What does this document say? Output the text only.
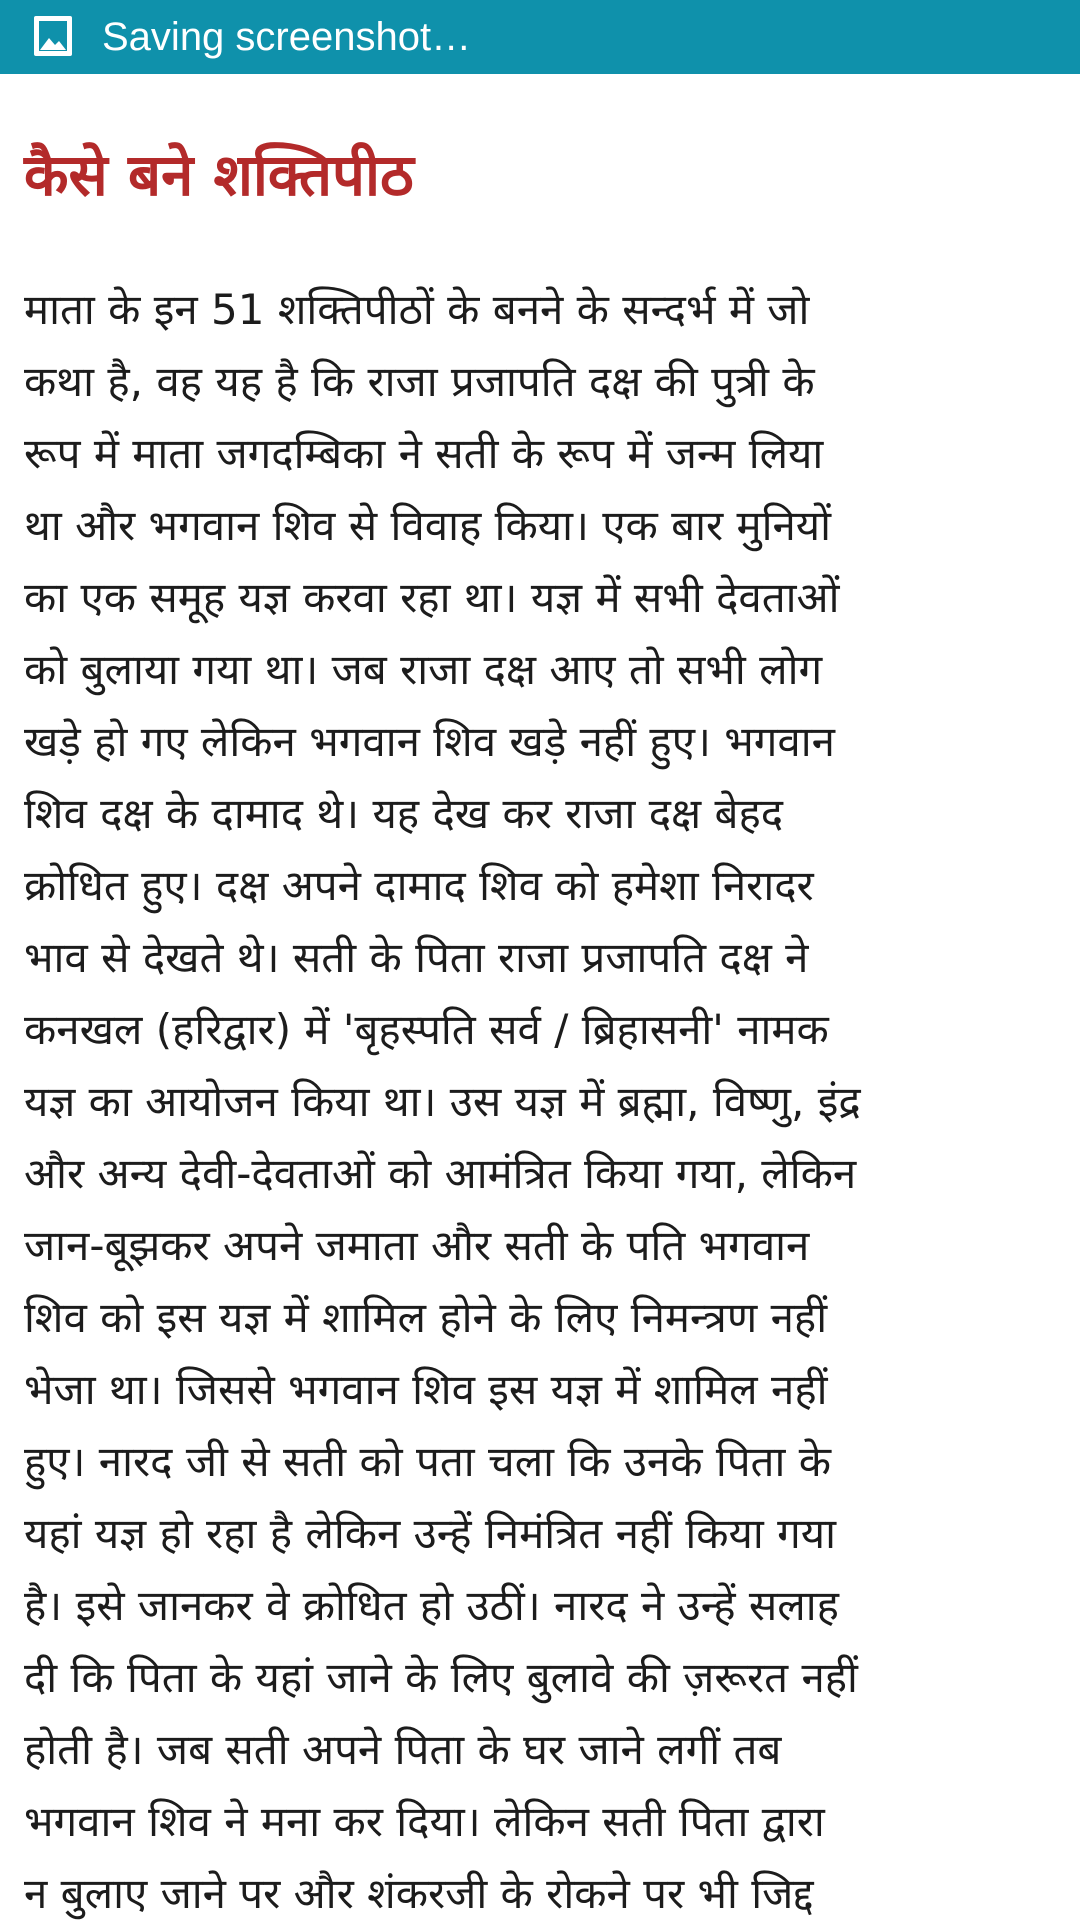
Saving screenshot…
कैसे बने शक्तिपीठ
माता के इन 51 शक्तिपीठों के बनने के सन्दर्भ में जो
कथा है, वह यह है कि राजा प्रजापति दक्ष की पुत्री के
रूप में माता जगदम्बिका ने सती के रूप में जन्म लिया
था और भगवान शिव से विवाह किया। एक बार मुनियों
का एक समूह यज्ञ करवा रहा था। यज्ञ में सभी देवताओं
को बुलाया गया था। जब राजा दक्ष आए तो सभी लोग
खड़े हो गए लेकिन भगवान शिव खड़े नहीं हुए। भगवान
शिव दक्ष के दामाद थे। यह देख कर राजा दक्ष बेहद
क्रोधित हुए। दक्ष अपने दामाद शिव को हमेशा निरादर
भाव से देखते थे। सती के पिता राजा प्रजापति दक्ष ने
कनखल (हरिद्वार) में 'बृहस्पति सर्व / ब्रिहासनी' नामक
यज्ञ का आयोजन किया था। उस यज्ञ में ब्रह्मा, विष्णु, इंद्र
और अन्य देवी-देवताओं को आमंत्रित किया गया, लेकिन
जान-बूझकर अपने जमाता और सती के पति भगवान
शिव को इस यज्ञ में शामिल होने के लिए निमन्त्रण नहीं
भेजा था। जिससे भगवान शिव इस यज्ञ में शामिल नहीं
हुए। नारद जी से सती को पता चला कि उनके पिता के
यहां यज्ञ हो रहा है लेकिन उन्हें निमंत्रित नहीं किया गया
है। इसे जानकर वे क्रोधित हो उठीं। नारद ने उन्हें सलाह
दी कि पिता के यहां जाने के लिए बुलावे की ज़रूरत नहीं
होती है। जब सती अपने पिता के घर जाने लगीं तब
भगवान शिव ने मना कर दिया। लेकिन सती पिता द्वारा
न बुलाए जाने पर और शंकरजी के रोकने पर भी जिद्द
